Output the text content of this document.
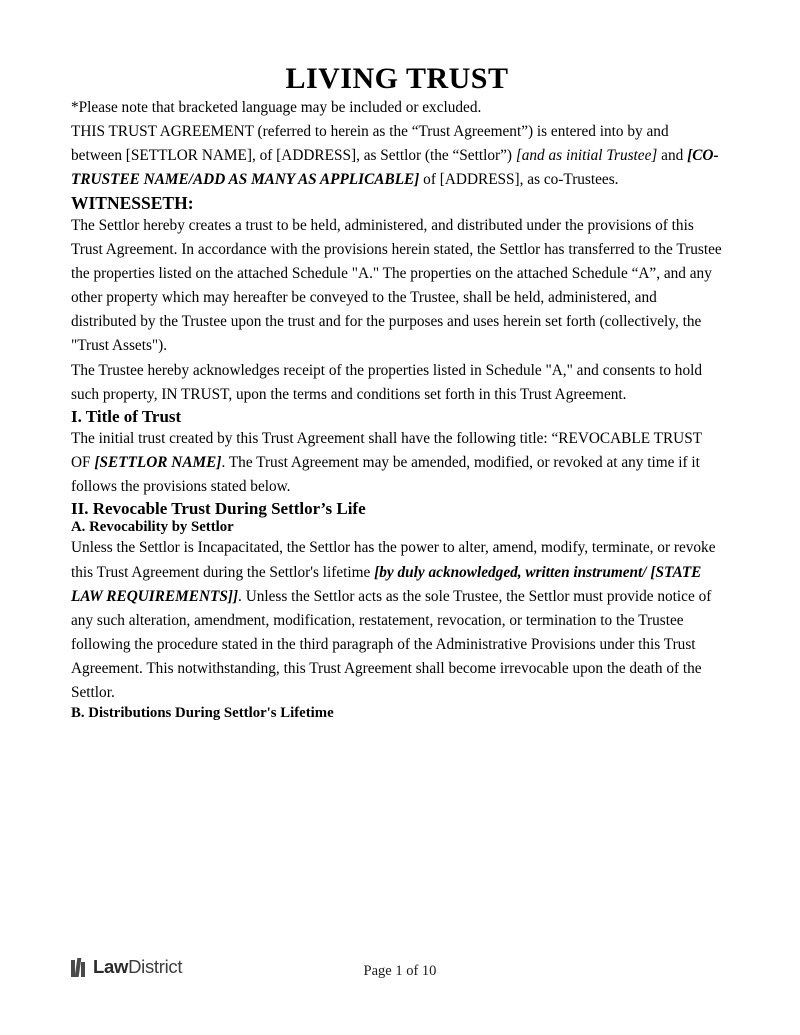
LIVING TRUST

*Please note that bracketed language may be included or excluded.

THIS TRUST AGREEMENT (referred to herein as the “Trust Agreement”) is entered into by and between [SETTLOR NAME], of [ADDRESS], as Settlor (the “Settlor”) [and as initial Trustee] and [CO-TRUSTEE NAME/ADD AS MANY AS APPLICABLE] of [ADDRESS], as co-Trustees.

WITNESSETH:

The Settlor hereby creates a trust to be held, administered, and distributed under the provisions of this Trust Agreement. In accordance with the provisions herein stated, the Settlor has transferred to the Trustee the properties listed on the attached Schedule "A." The properties on the attached Schedule “A”, and any other property which may hereafter be conveyed to the Trustee, shall be held, administered, and distributed by the Trustee upon the trust and for the purposes and uses herein set forth (collectively, the "Trust Assets").

The Trustee hereby acknowledges receipt of the properties listed in Schedule "A," and consents to hold such property, IN TRUST, upon the terms and conditions set forth in this Trust Agreement.

I. Title of Trust

The initial trust created by this Trust Agreement shall have the following title: “REVOCABLE TRUST OF [SETTLOR NAME]. The Trust Agreement may be amended, modified, or revoked at any time if it follows the provisions stated below.

II. Revocable Trust During Settlor’s Life
A. Revocability by Settlor

Unless the Settlor is Incapacitated, the Settlor has the power to alter, amend, modify, terminate, or revoke this Trust Agreement during the Settlor's lifetime [by duly acknowledged, written instrument/ [STATE LAW REQUIREMENTS]]. Unless the Settlor acts as the sole Trustee, the Settlor must provide notice of any such alteration, amendment, modification, restatement, revocation, or termination to the Trustee following the procedure stated in the third paragraph of the Administrative Provisions under this Trust Agreement. This notwithstanding, this Trust Agreement shall become irrevocable upon the death of the Settlor.

B. Distributions During Settlor's Lifetime
LawDistrict	Page 1 of 10
